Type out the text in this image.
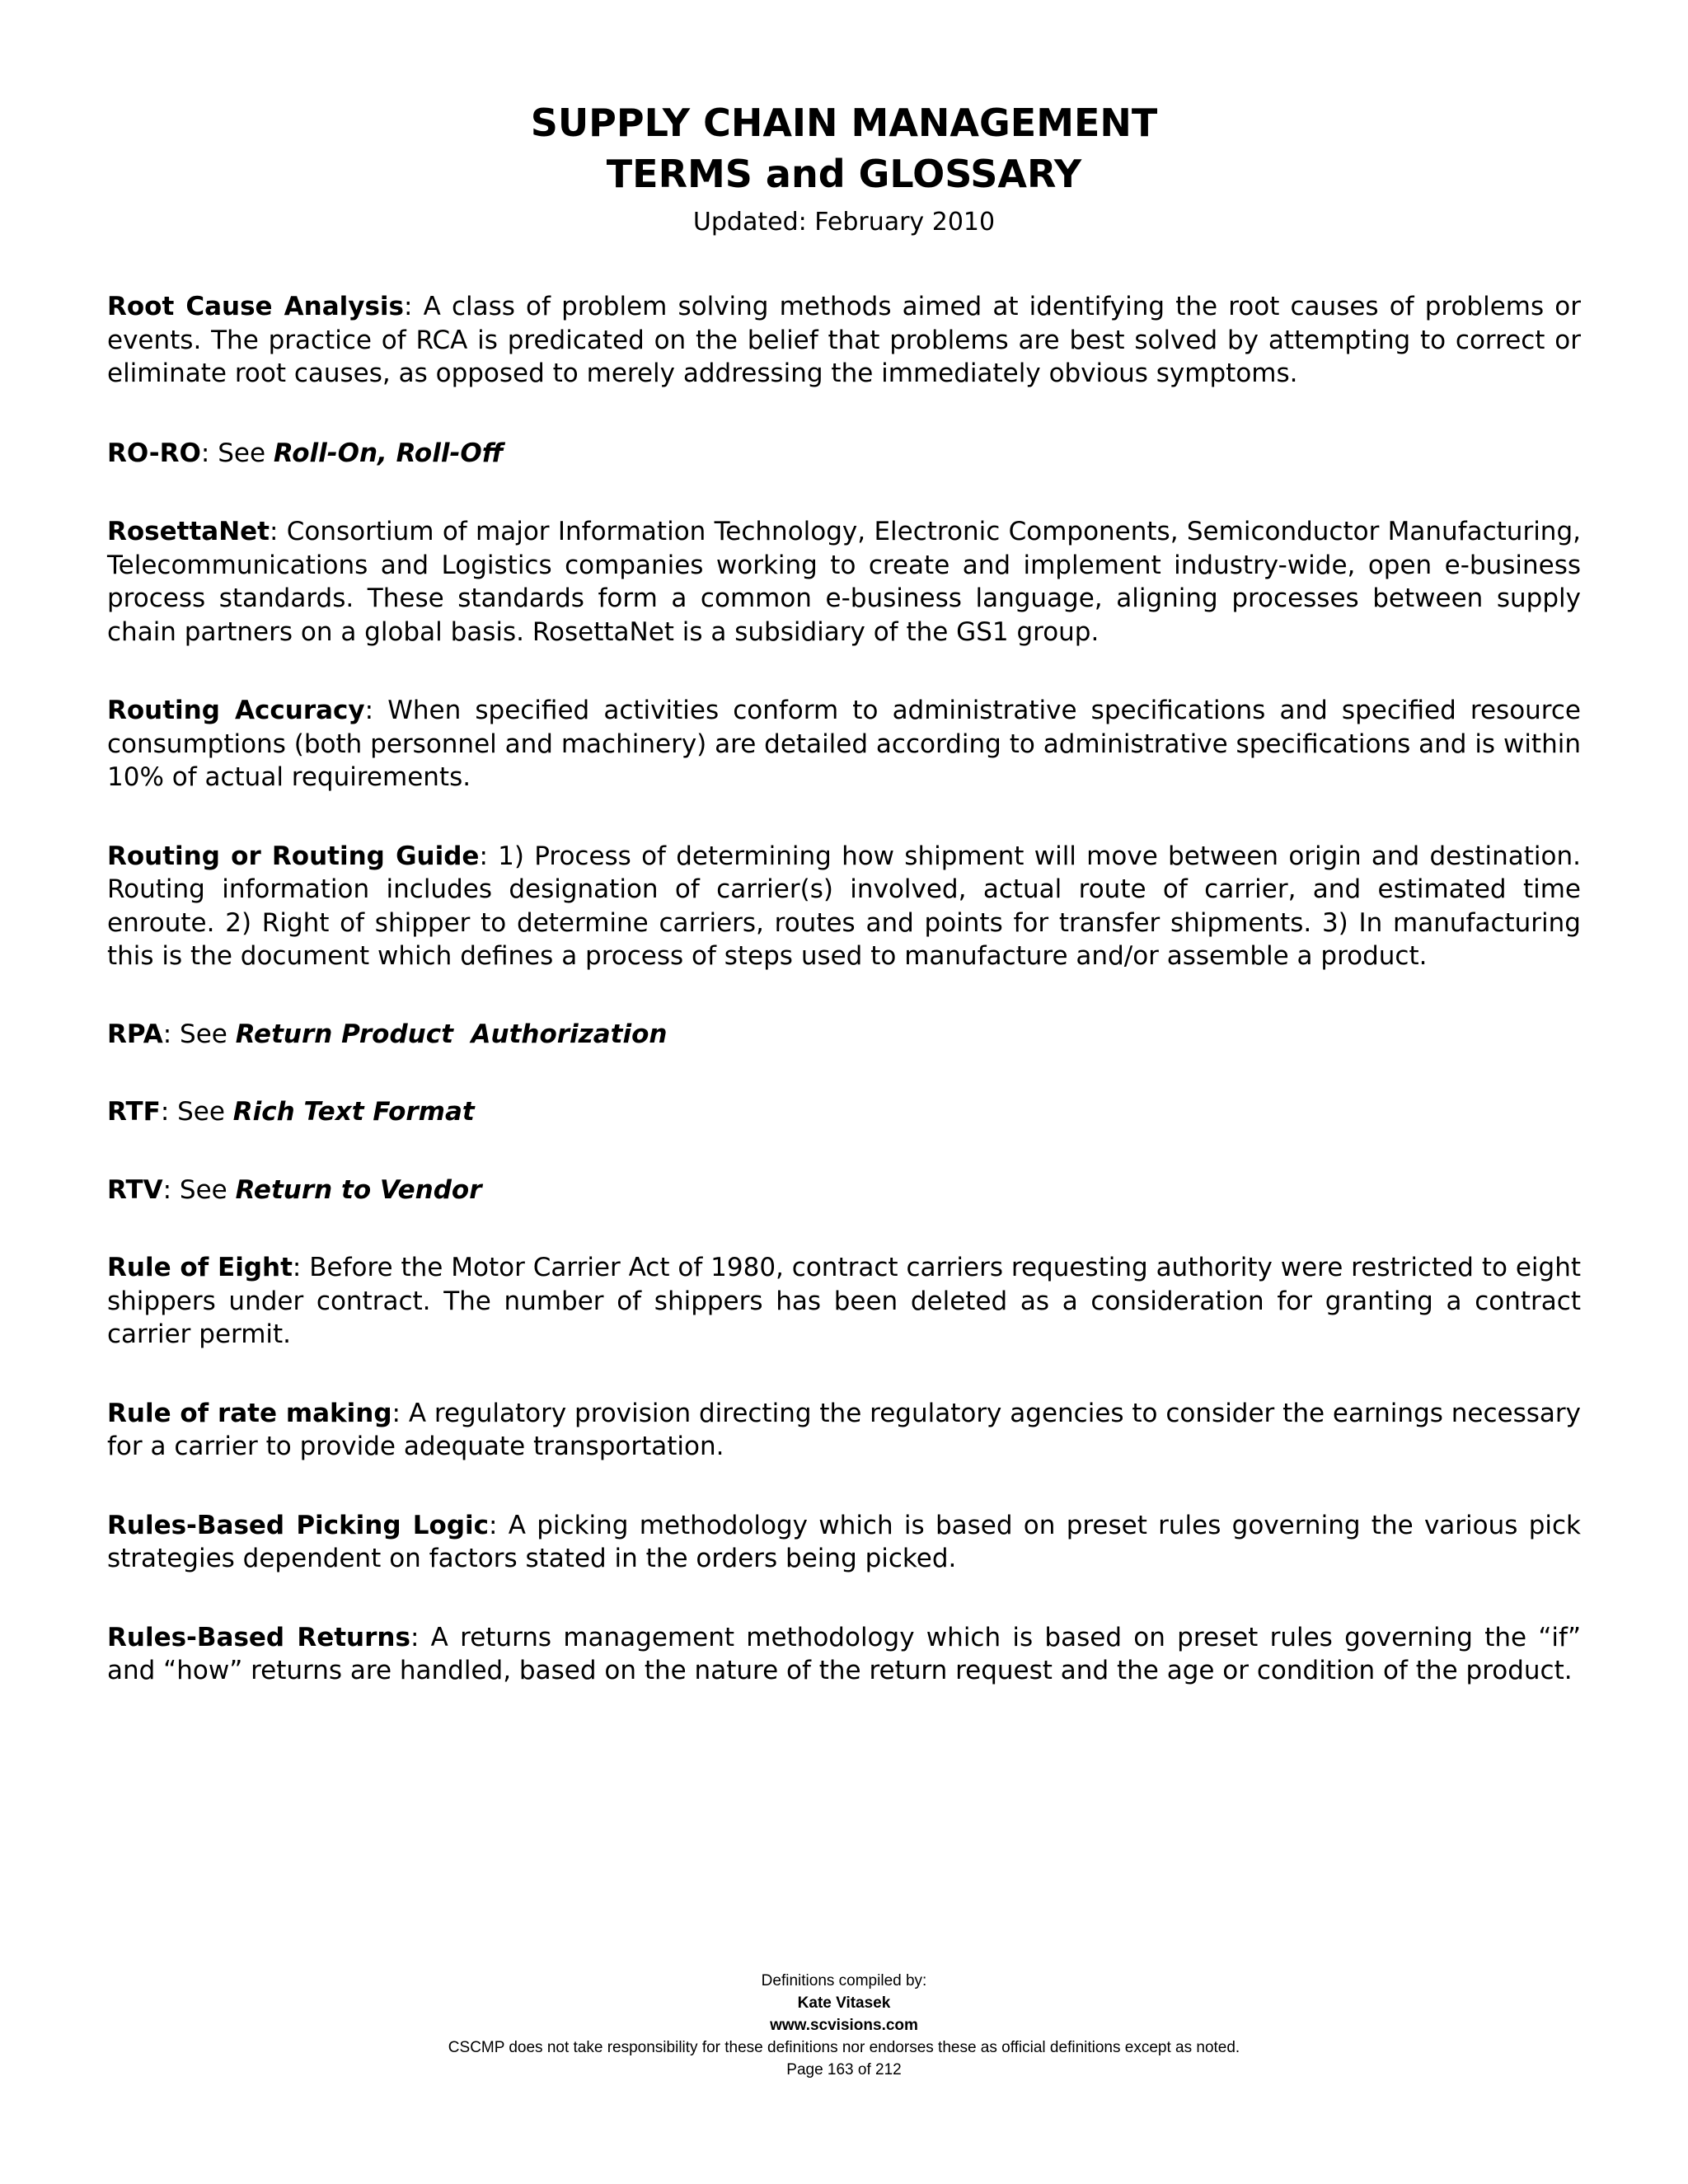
SUPPLY CHAIN MANAGEMENT
TERMS and GLOSSARY
Updated: February 2010

Root Cause Analysis: A class of problem solving methods aimed at identifying the root causes of problems or events. The practice of RCA is predicated on the belief that problems are best solved by attempting to correct or eliminate root causes, as opposed to merely addressing the immediately obvious symptoms.

RO-RO: See Roll-On, Roll-Off

RosettaNet: Consortium of major Information Technology, Electronic Components, Semiconductor Manufacturing, Telecommunications and Logistics companies working to create and implement industry-wide, open e-business process standards. These standards form a common e-business language, aligning processes between supply chain partners on a global basis. RosettaNet is a subsidiary of the GS1 group.

Routing Accuracy: When specified activities conform to administrative specifications and specified resource consumptions (both personnel and machinery) are detailed according to administrative specifications and is within 10% of actual requirements.

Routing or Routing Guide: 1) Process of determining how shipment will move between origin and destination. Routing information includes designation of carrier(s) involved, actual route of carrier, and estimated time enroute. 2) Right of shipper to determine carriers, routes and points for transfer shipments. 3) In manufacturing this is the document which defines a process of steps used to manufacture and/or assemble a product.

RPA: See Return Product  Authorization

RTF: See Rich Text Format

RTV: See Return to Vendor

Rule of Eight: Before the Motor Carrier Act of 1980, contract carriers requesting authority were restricted to eight shippers under contract. The number of shippers has been deleted as a consideration for granting a contract carrier permit.

Rule of rate making: A regulatory provision directing the regulatory agencies to consider the earnings necessary for a carrier to provide adequate transportation.

Rules-Based Picking Logic: A picking methodology which is based on preset rules governing the various pick strategies dependent on factors stated in the orders being picked.

Rules-Based Returns: A returns management methodology which is based on preset rules governing the “if” and “how” returns are handled, based on the nature of the return request and the age or condition of the product.

Definitions compiled by:
Kate Vitasek
www.scvisions.com
CSCMP does not take responsibility for these definitions nor endorses these as official definitions except as noted.
Page 163 of 212
